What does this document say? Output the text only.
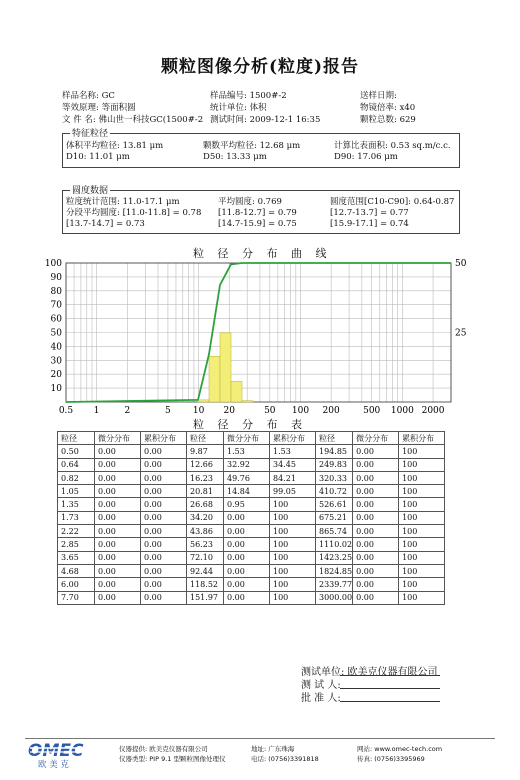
颗粒图像分析(粒度)报告
样品名称: GC	样品编号: 1500#-2	送样日期:
等效原理: 等面积圆	统计单位: 体积	物镜倍率: x40
文 件 名: 佛山世一科技GC(1500#-2 测试时间: 2009-12-1 16:35	颗粒总数: 629
特征粒径
体积平均粒径: 13.81 μm	颗数平均粒径: 12.68 μm	计算比表面积: 0.53 sq.m/c.c.
D10: 11.01 μm	D50: 13.33 μm	D90: 17.06 μm
圆度数据
粒度统计范围: 11.0-17.1 μm	平均圆度: 0.769	圆度范围[C10-C90]: 0.64-0.87
分段平均圆度: [11.0-11.8] = 0.78 [11.8-12.7] = 0.79	[12.7-13.7] = 0.77
[13.7-14.7] = 0.73	[14.7-15.9] = 0.75	[15.9-17.1] = 0.74
粒 径 分 布 曲 线
10
20
30
40
50
60
70
80
90
100
25
50
0.5 1	2	5 10 20	50 100 200	500 1000 2000
粒 径 分 布 表
粒径	微分分布	累积分布	粒径	微分分布	累积分布	粒径	微分分布	累积分布
0.50	0.00	0.00	9.87	1.53	1.53	194.85	0.00	100
0.64	0.00	0.00	12.66	32.92	34.45	249.83	0.00	100
0.82	0.00	0.00	16.23	49.76	84.21	320.33	0.00	100
1.05	0.00	0.00	20.81	14.84	99.05	410.72	0.00	100
1.35	0.00	0.00	26.68	0.95	100	526.61	0.00	100
1.73	0.00	0.00	34.20	0.00	100	675.21	0.00	100
2.22	0.00	0.00	43.86	0.00	100	865.74	0.00	100
2.85	0.00	0.00	56.23	0.00	100	1110.02	0.00	100
3.65	0.00	0.00	72.10	0.00	100	1423.25	0.00	100
4.68	0.00	0.00	92.44	0.00	100	1824.85	0.00	100
6.00	0.00	0.00	118.52	0.00	100	2339.77	0.00	100
7.70	0.00	0.00	151.97	0.00	100	3000.00	0.00	100
测试单位: 欧美克仪器有限公司
测 试 人:
批 准 人:
OMEC
欧 美 克
仪器提供: 欧美克仪器有限公司
仪器类型: PIP 9.1 型颗粒图像处理仪
地址: 广东珠海
电话: (0756)3391818
网站: www.omec-tech.com
传真: (0756)3395969
